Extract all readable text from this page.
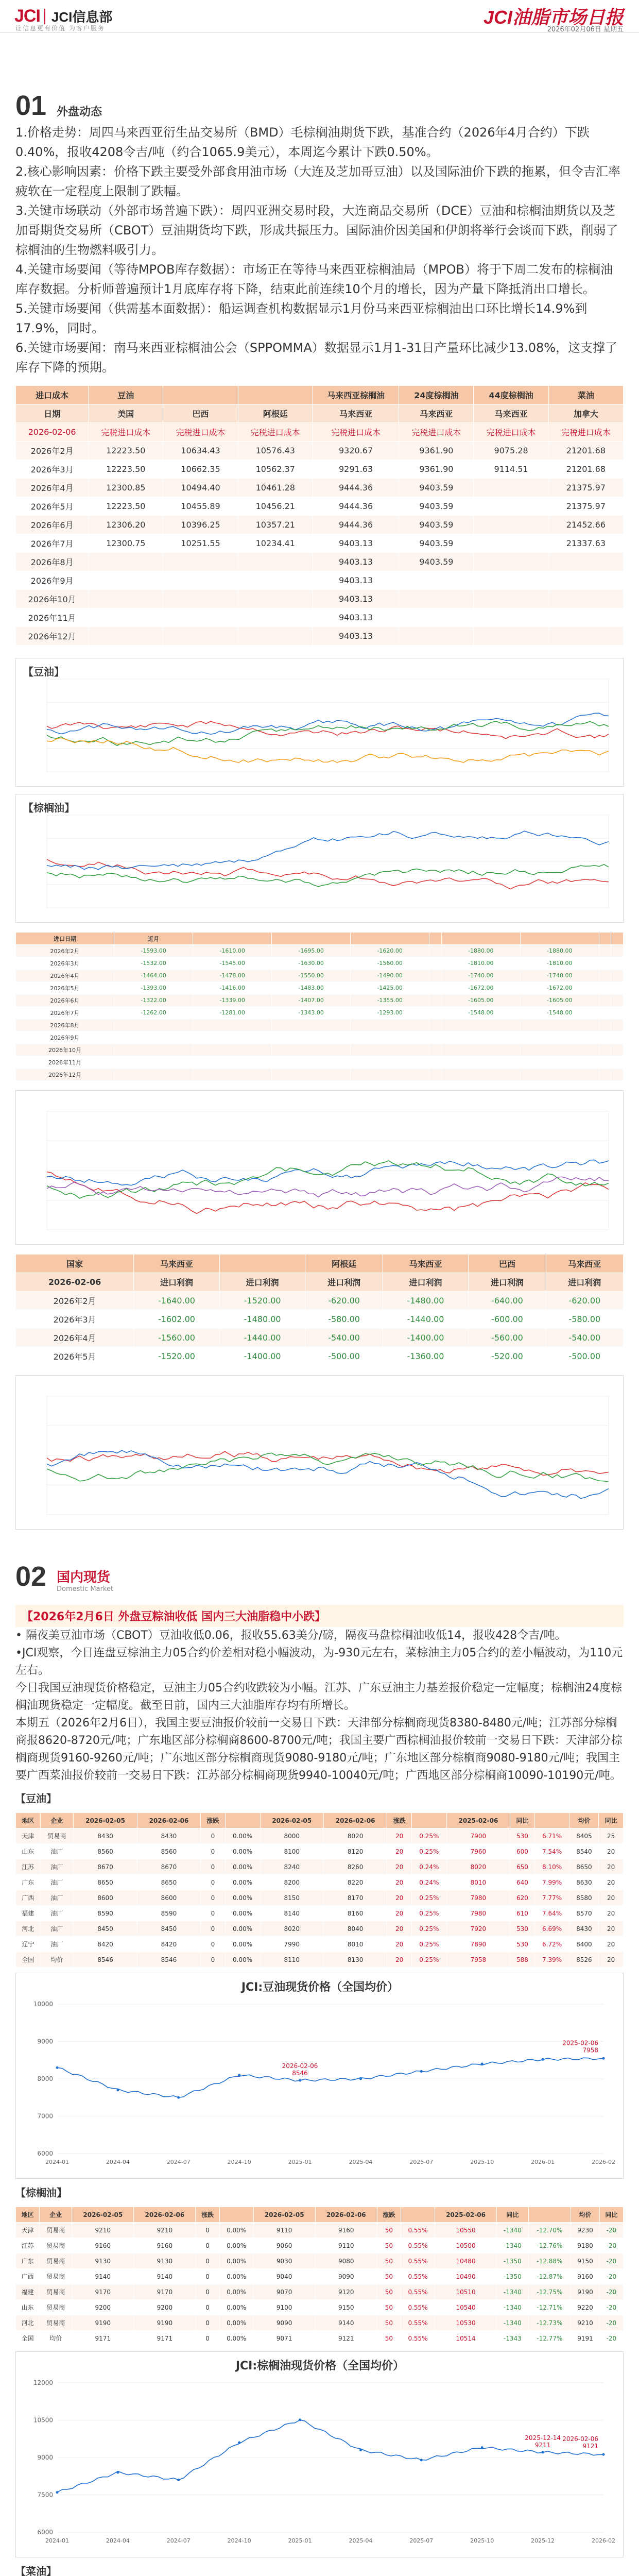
JCI JCI信息部
让信息更有价值 为客户服务
JCI油脂市场日报
2026年02月06日 星期五
01 外盘动态

1.价格走势：周四马来西亚衍生品交易所（BMD）毛棕榈油期货下跌，基准合约（2026年4月合约）下跌0.40%，报收4208令吉/吨（约合1065.9美元），本周迄今累计下跌0.50%。

2.核心影响因素：价格下跌主要受外部食用油市场（大连及芝加哥豆油）以及国际油价下跌的拖累，但令吉汇率疲软在一定程度上限制了跌幅。

3.关键市场联动（外部市场普遍下跌）：周四亚洲交易时段，大连商品交易所（DCE）豆油和棕榈油期货以及芝加哥期货交易所（CBOT）豆油期货均下跌，形成共振压力。国际油价因美国和伊朗将举行会谈而下跌，削弱了棕榈油的生物燃料吸引力。

4.关键市场要闻（等待MPOB库存数据）：市场正在等待马来西亚棕榈油局（MPOB）将于下周二发布的棕榈油库存数据。分析师普遍预计1月底库存将下降，结束此前连续10个月的增长，因为产量下降抵消出口增长。

5.关键市场要闻（供需基本面数据）：船运调查机构数据显示1月份马来西亚棕榈油出口环比增长14.9%到17.9%，同时。

6.关键市场要闻：南马来西亚棕榈油公会（SPPOMMA）数据显示1月1-31日产量环比减少13.08%，这支撑了库存下降的预期。

进口成本	豆油			马来西亚棕榈油	24度棕榈油	44度棕榈油	菜油
日期	美国	巴西	阿根廷	马来西亚	马来西亚	马来西亚	加拿大
2026-02-06	完税进口成本	完税进口成本	完税进口成本	完税进口成本	完税进口成本	完税进口成本	完税进口成本
2026年2月	12223.50	10634.43	10576.43	9320.67	9361.90	9075.28	21201.68
2026年3月	12223.50	10662.35	10562.37	9291.63	9361.90	9114.51	21201.68
2026年4月	12300.85	10494.40	10461.28	9444.36	9403.59		21375.97
2026年5月	12223.50	10455.89	10456.21	9444.36	9403.59		21375.97
2026年6月	12306.20	10396.25	10357.21	9444.36	9403.59		21452.66
2026年7月	12300.75	10251.55	10234.41	9403.13	9403.59		21337.63
2026年8月				9403.13	9403.59		
2026年9月				9403.13			
2026年10月				9403.13			
2026年11月				9403.13			
2026年12月				9403.13			
【豆油】
【棕榈油】
进口日期	近月								
2026年2月	-1593.00	-1610.00	-1695.00	-1620.00		-1880.00	-1880.00		
2026年3月	-1532.00	-1545.00	-1630.00	-1560.00		-1810.00	-1810.00		
2026年4月	-1464.00	-1478.00	-1550.00	-1490.00		-1740.00	-1740.00		
2026年5月	-1393.00	-1416.00	-1483.00	-1425.00		-1672.00	-1672.00		
2026年6月	-1322.00	-1339.00	-1407.00	-1355.00		-1605.00	-1605.00		
2026年7月	-1262.00	-1281.00	-1343.00	-1293.00		-1548.00	-1548.00		
2026年8月									
2026年9月									
2026年10月									
2026年11月									
2026年12月									
国家	马来西亚		阿根廷	马来西亚	巴西	马来西亚
2026-02-06	进口利润	进口利润	进口利润	进口利润	进口利润	进口利润
2026年2月	-1640.00	-1520.00	-620.00	-1480.00	-640.00	-620.00
2026年3月	-1602.00	-1480.00	-580.00	-1440.00	-600.00	-580.00
2026年4月	-1560.00	-1440.00	-540.00	-1400.00	-560.00	-540.00
2026年5月	-1520.00	-1400.00	-500.00	-1360.00	-520.00	-500.00
02 国内现货
Domestic Market
【2026年2月6日 外盘豆粽油收低 国内三大油脂稳中小跌】

• 隔夜美豆油市场（CBOT）豆油收低0.06，报收55.63美分/磅，隔夜马盘棕榈油收低14，报收428令吉/吨。

•JCI观察，今日连盘豆棕油主力05合约价差相对稳小幅波动，为-930元左右，菜棕油主力05合约的差小幅波动，为110元左右。

今日我国豆油现货价格稳定，豆油主力05合约收跌较为小幅。江苏、广东豆油主力基差报价稳定一定幅度；棕榈油24度棕榈油现货稳定一定幅度。截至日前，国内三大油脂库存均有所增长。

本期五（2026年2月6日），我国主要豆油报价较前一交易日下跌：天津部分棕榈商现货8380-8480元/吨；江苏部分棕榈商报8620-8720元/吨；广东地区部分棕榈商8600-8700元/吨；我国主要广西棕榈油报价较前一交易日下跌：天津部分棕榈商现货9160-9260元/吨；广东地区部分棕榈商现货9080-9180元/吨；广东地区部分棕榈商9080-9180元/吨；我国主要广西菜油报价较前一交易日下跌：江苏部分棕榈商现货9940-10040元/吨；广西地区部分棕榈商10090-10190元/吨。

【豆油】
地区	企业	2026-02-05	2026-02-06	涨跌		2026-02-05	2026-02-06	涨跌		2025-02-06	同比		均价	同比
天津	贸易商	8430	8430	0	0.00%	8000	8020	20	0.25%	7900	530	6.71%	8405	25
山东	油厂	8560	8560	0	0.00%	8100	8120	20	0.25%	7960	600	7.54%	8540	20
江苏	油厂	8670	8670	0	0.00%	8240	8260	20	0.24%	8020	650	8.10%	8650	20
广东	油厂	8650	8650	0	0.00%	8200	8220	20	0.24%	8010	640	7.99%	8630	20
广西	油厂	8600	8600	0	0.00%	8150	8170	20	0.25%	7980	620	7.77%	8580	20
福建	油厂	8590	8590	0	0.00%	8140	8160	20	0.25%	7980	610	7.64%	8570	20
河北	油厂	8450	8450	0	0.00%	8020	8040	20	0.25%	7920	530	6.69%	8430	20
辽宁	油厂	8420	8420	0	0.00%	7990	8010	20	0.25%	7890	530	6.72%	8400	20
全国	均价	8546	8546	0	0.00%	8110	8130	20	0.25%	7958	588	7.39%	8526	20
JCI:豆油现货价格（全国均价）
6000
7000
8000
9000
10000
2024-01	2024-04	2024-07	2024-10	2025-01	2025-04	2025-07	2025-10	2026-01	2026-02
2025-02-06
7958
2026-02-06
8546
【棕榈油】
地区	企业	2026-02-05	2026-02-06	涨跌		2026-02-05	2026-02-06	涨跌		2025-02-06	同比		均价	同比
天津	贸易商	9210	9210	0	0.00%	9110	9160	50	0.55%	10550	-1340	-12.70%	9230	-20
江苏	贸易商	9160	9160	0	0.00%	9060	9110	50	0.55%	10500	-1340	-12.76%	9180	-20
广东	贸易商	9130	9130	0	0.00%	9030	9080	50	0.55%	10480	-1350	-12.88%	9150	-20
广西	贸易商	9140	9140	0	0.00%	9040	9090	50	0.55%	10490	-1350	-12.87%	9160	-20
福建	贸易商	9170	9170	0	0.00%	9070	9120	50	0.55%	10510	-1340	-12.75%	9190	-20
山东	贸易商	9200	9200	0	0.00%	9100	9150	50	0.55%	10540	-1340	-12.71%	9220	-20
河北	贸易商	9190	9190	0	0.00%	9090	9140	50	0.55%	10530	-1340	-12.73%	9210	-20
全国	均价	9171	9171	0	0.00%	9071	9121	50	0.55%	10514	-1343	-12.77%	9191	-20
JCI:棕榈油现货价格（全国均价）
6000
7500
9000
10500
12000
2024-01	2024-04	2024-07	2024-10	2025-01	2025-04	2025-07	2025-10	2025-12	2026-02
2026-02-06
9121
2025-12-14
9211
【菜油】
